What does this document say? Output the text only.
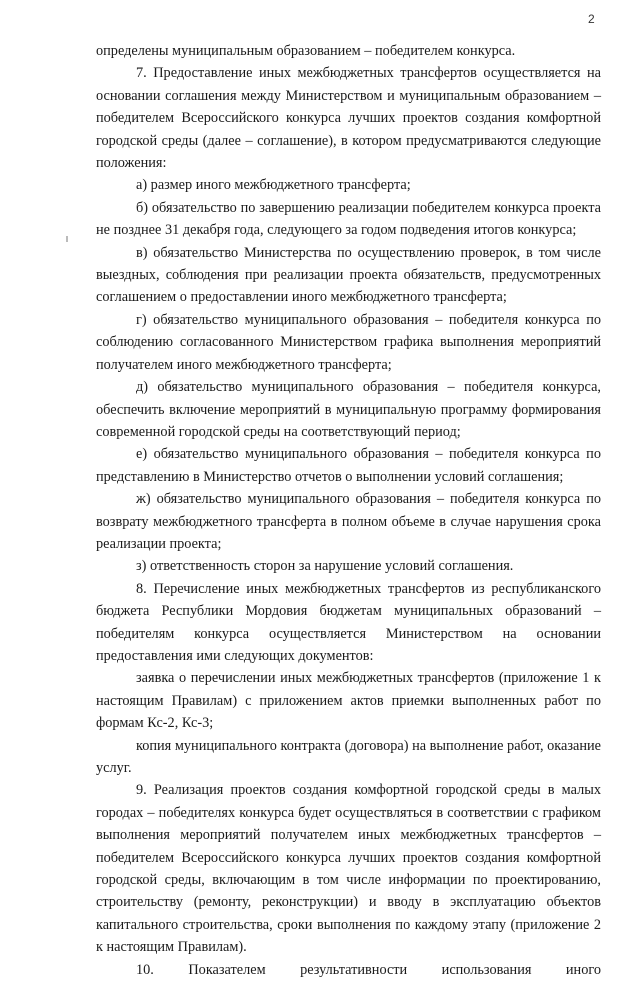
2

определены муниципальным образованием – победителем конкурса.

7. Предоставление иных межбюджетных трансфертов осуществляется на основании соглашения между Министерством и муниципальным образованием – победителем Всероссийского конкурса лучших проектов создания комфортной городской среды (далее – соглашение), в котором предусматриваются следующие положения:

а) размер иного межбюджетного трансферта;

б) обязательство по завершению реализации победителем конкурса проекта не позднее 31 декабря года, следующего за годом подведения итогов конкурса;

в) обязательство Министерства по осуществлению проверок, в том числе выездных, соблюдения при реализации проекта обязательств, предусмотренных соглашением о предоставлении иного межбюджетного трансферта;

г) обязательство муниципального образования – победителя конкурса по соблюдению согласованного Министерством графика выполнения мероприятий получателем иного межбюджетного трансферта;

д) обязательство муниципального образования – победителя конкурса, обеспечить включение мероприятий в муниципальную программу формирования современной городской среды на соответствующий период;

е) обязательство муниципального образования – победителя конкурса по представлению в Министерство отчетов о выполнении условий соглашения;

ж) обязательство муниципального образования – победителя конкурса по возврату межбюджетного трансферта в полном объеме в случае нарушения срока реализации проекта;

з) ответственность сторон за нарушение условий соглашения.

8. Перечисление иных межбюджетных трансфертов из республиканского бюджета Республики Мордовия бюджетам муниципальных образований – победителям конкурса осуществляется Министерством на основании предоставления ими следующих документов:

заявка о перечислении иных межбюджетных трансфертов (приложение 1 к настоящим Правилам) с приложением актов приемки выполненных работ по формам Кс-2, Кс-3;

копия муниципального контракта (договора) на выполнение работ, оказание услуг.

9. Реализация проектов создания комфортной городской среды в малых городах – победителях конкурса будет осуществляться в соответствии с графиком выполнения мероприятий получателем иных межбюджетных трансфертов – победителем Всероссийского конкурса лучших проектов создания комфортной городской среды, включающим в том числе информации по проектированию, строительству (ремонту, реконструкции) и вводу в эксплуатацию объектов капитального строительства, сроки выполнения по каждому этапу (приложение 2 к настоящим Правилам).

10. Показателем результативности использования иного
